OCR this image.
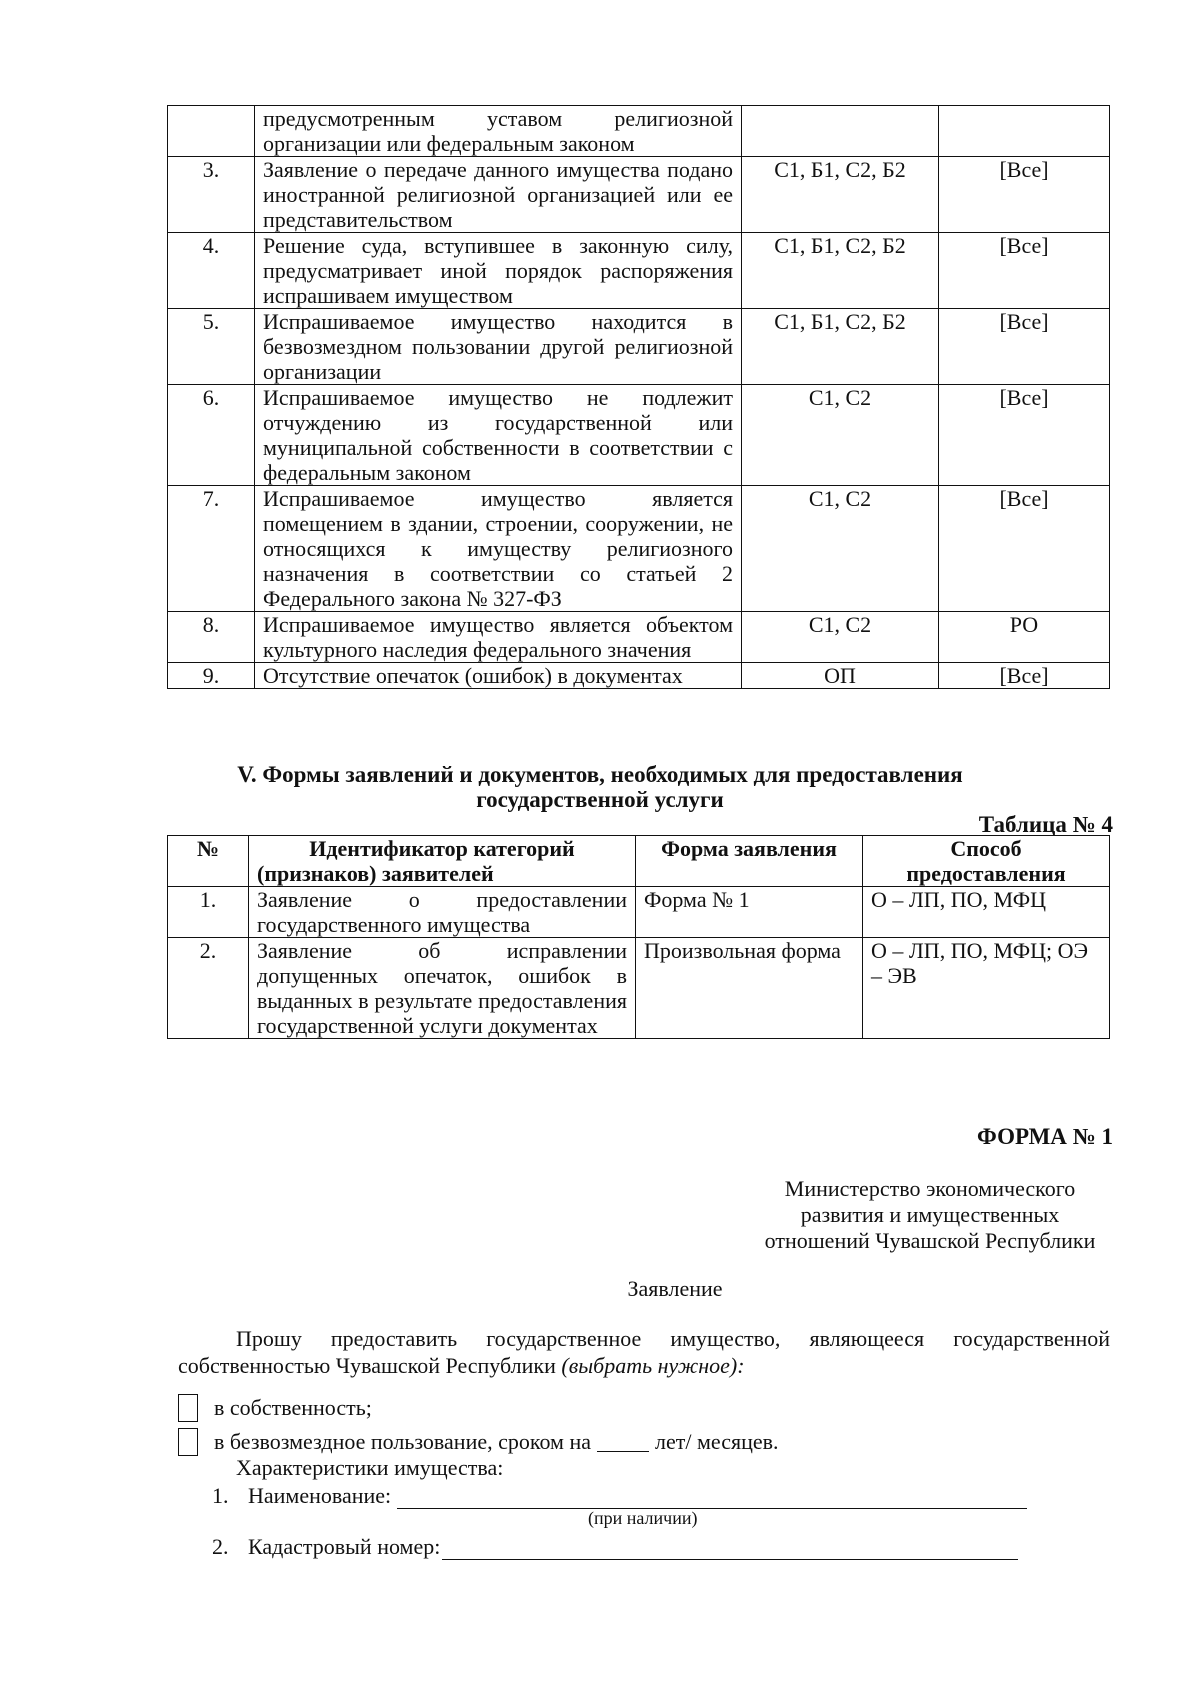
	предусмотренным уставом религиозной организации или федеральным законом		
3.	Заявление о передаче данного имущества подано иностранной религиозной организацией или ее представительством	С1, Б1, С2, Б2	[Все]
4.	Решение суда, вступившее в законную силу, предусматривает иной порядок распоряжения испрашиваем имуществом	С1, Б1, С2, Б2	[Все]
5.	Испрашиваемое имущество находится в безвозмездном пользовании другой религиозной организации	С1, Б1, С2, Б2	[Все]
6.	Испрашиваемое имущество не подлежит отчуждению из государственной или муниципальной собственности в соответствии с федеральным законом	С1, С2	[Все]
7.	Испрашиваемое имущество является помещением в здании, строении, сооружении, не относящихся к имуществу религиозного назначения в соответствии со статьей 2 Федерального закона № 327-ФЗ	С1, С2	[Все]
8.	Испрашиваемое имущество является объектом культурного наследия федерального значения	С1, С2	РО
9.	Отсутствие опечаток (ошибок) в документах	ОП	[Все]
V. Формы заявлений и документов, необходимых для предоставления
государственной услуги
Таблица № 4
№	Идентификатор категорий (признаков) заявителей	Форма заявления	Способ предоставления
1.	Заявление о предоставлении государственного имущества	Форма № 1	О – ЛП, ПО, МФЦ
2.	Заявление об исправлении допущенных опечаток, ошибок в выданных в результате предоставления государственной услуги документах	Произвольная форма	О – ЛП, ПО, МФЦ; ОЭ – ЭВ
ФОРМА № 1
Министерство экономического
развития и имущественных
отношений Чувашской Республики
Заявление
Прошу предоставить государственное имущество, являющееся государственной собственностью Чувашской Республики (выбрать нужное):
в собственность;
в безвозмездное пользование, сроком на	лет/ месяцев.
Характеристики имущества:
1. Наименование:
(при наличии)
2. Кадастровый номер:
